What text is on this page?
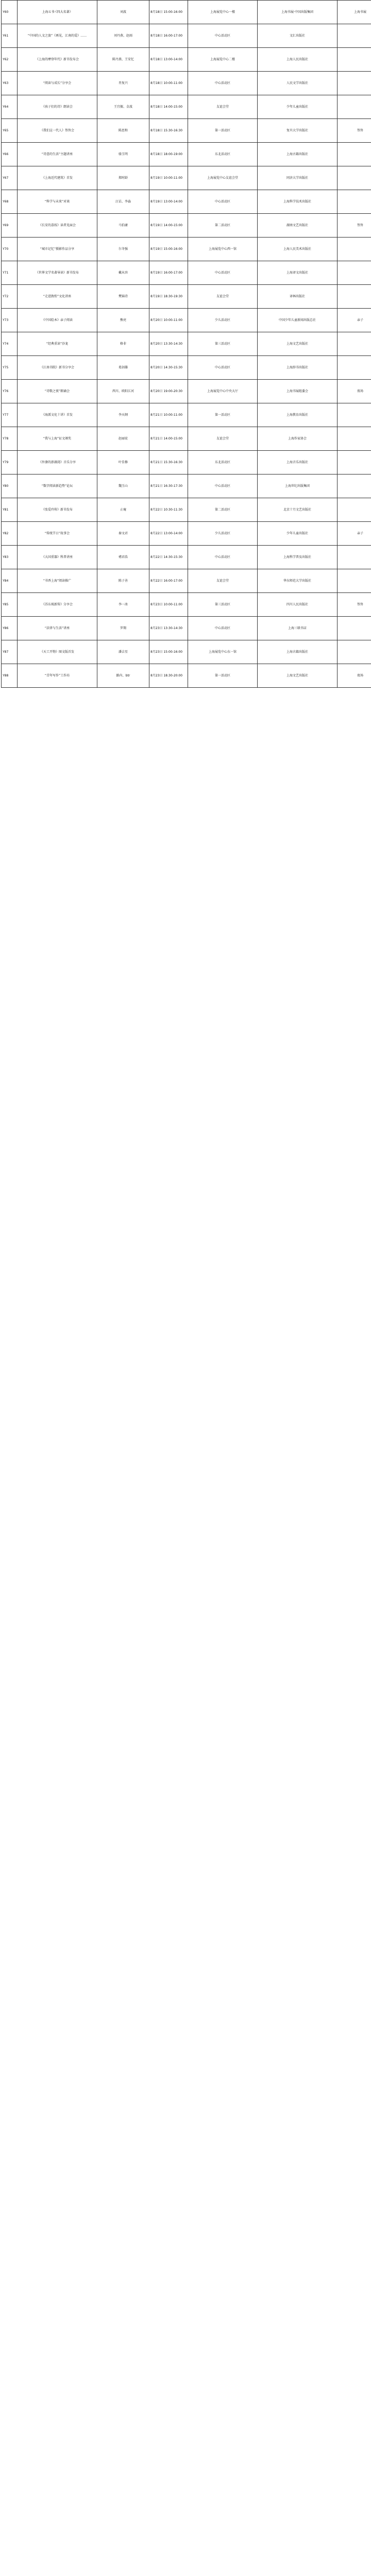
Y60	上海五书·《四大名著》	刘波	8月18日 15:00-16:00	上海展览中心一楼	上海书展·中国出版集团	上海书展
Y61	“中国的人文之旅”《再见，江南的爱》……	刘丹燕、赵雨	8月18日 16:00-17:00	中心活动区	文汇出版社	
Y62	《上海的摩登年代》新书发布会	陈丹燕、王安忆	8月18日 13:00-14:00	上海展览中心二楼	上海人民出版社	
Y63	“阅读与成长”分享会	肖复兴	8月18日 10:00-11:00	中心活动区	人民文学出版社	
Y64	《孩子们的诗》朗读会	王宜振、金波	8月18日 14:00-15:00	友谊会堂	少年儿童出版社	
Y65	《我们这一代人》签售会	陈思和	8月18日 15:30-16:30	第一活动区	复旦大学出版社	签售
Y66	“诗意的生活”主题讲座	骆玉明	8月18日 18:00-19:00	东北活动区	上海古籍出版社	
Y67	《上海近代建筑》首发	郑时龄	8月19日 10:00-11:00	上海展览中心友谊会堂	同济大学出版社	
Y68	“科学与未来”对谈	汪诘、李淼	8月19日 13:00-14:00	中心活动区	上海科学技术出版社	
Y69	《长安的荔枝》读者见面会	马伯庸	8月19日 14:00-15:00	第二活动区	湖南文艺出版社	签售
Y70	“城市记忆”摄影作品分享	尔冬强	8月19日 15:00-16:00	上海展览中心西一馆	上海人民美术出版社	
Y71	《世界文学名著导读》新书发布	戴从容	8月19日 16:00-17:00	中心活动区	上海译文出版社	
Y72	“走进敦煌”文化讲座	樊锦诗	8月19日 18:30-19:30	友谊会堂	译林出版社	
Y73	《中国绘本》亲子阅读	熊亮	8月20日 10:00-11:00	少儿活动区	中国少年儿童新闻出版总社	亲子
Y74	“经典重读”沙龙	格非	8月20日 13:30-14:30	第三活动区	上海文艺出版社	
Y75	《江南书院》新书分享会	葛剑雄	8月20日 14:30-15:30	中心活动区	上海辞书出版社	
Y76	“诗歌之夜”朗诵会	西川、欧阳江河	8月20日 19:00-20:30	上海展览中心中央大厅	上海书展组委会	夜场
Y77	《海派文化十讲》首发	李天纲	8月21日 10:00-11:00	第一活动区	上海教育出版社	
Y78	“我与上海”征文颁奖	赵丽宏	8月21日 14:00-15:00	友谊会堂	上海作家协会	
Y79	《外婆的澎湖湾》音乐分享	叶佳修	8月21日 15:30-16:30	东北活动区	上海音乐出版社	
Y80	“数字阅读新趋势”论坛	魏玉山	8月21日 16:30-17:30	中心活动区	上海世纪出版集团	
Y81	《张爱玲传》新书发布	止庵	8月22日 10:30-11:30	第二活动区	北京十月文艺出版社	
Y82	“传统节日”故事会	秦文君	8月22日 13:00-14:00	少儿活动区	少年儿童出版社	亲子
Y83	《大国重器》科普讲座	褚君浩	8月22日 14:30-15:30	中心活动区	上海科学普及出版社	
Y84	“书香上海”阅读推广	陈子善	8月22日 16:00-17:00	友谊会堂	华东师范大学出版社	
Y85	《苏东坡新传》分享会	李一冰	8月23日 10:00-11:00	第三活动区	四川人民出版社	签售
Y86	“法律与生活”讲座	罗翔	8月23日 13:30-14:30	中心活动区	上海三联书店	
Y87	《天工开物》图文版首发	潘吉星	8月23日 15:00-16:00	上海展览中心东一馆	上海古籍出版社	
Y88	“青年写作”工作坊	路内、btr	8月23日 18:30-20:00	第一活动区	上海文艺出版社	夜场
